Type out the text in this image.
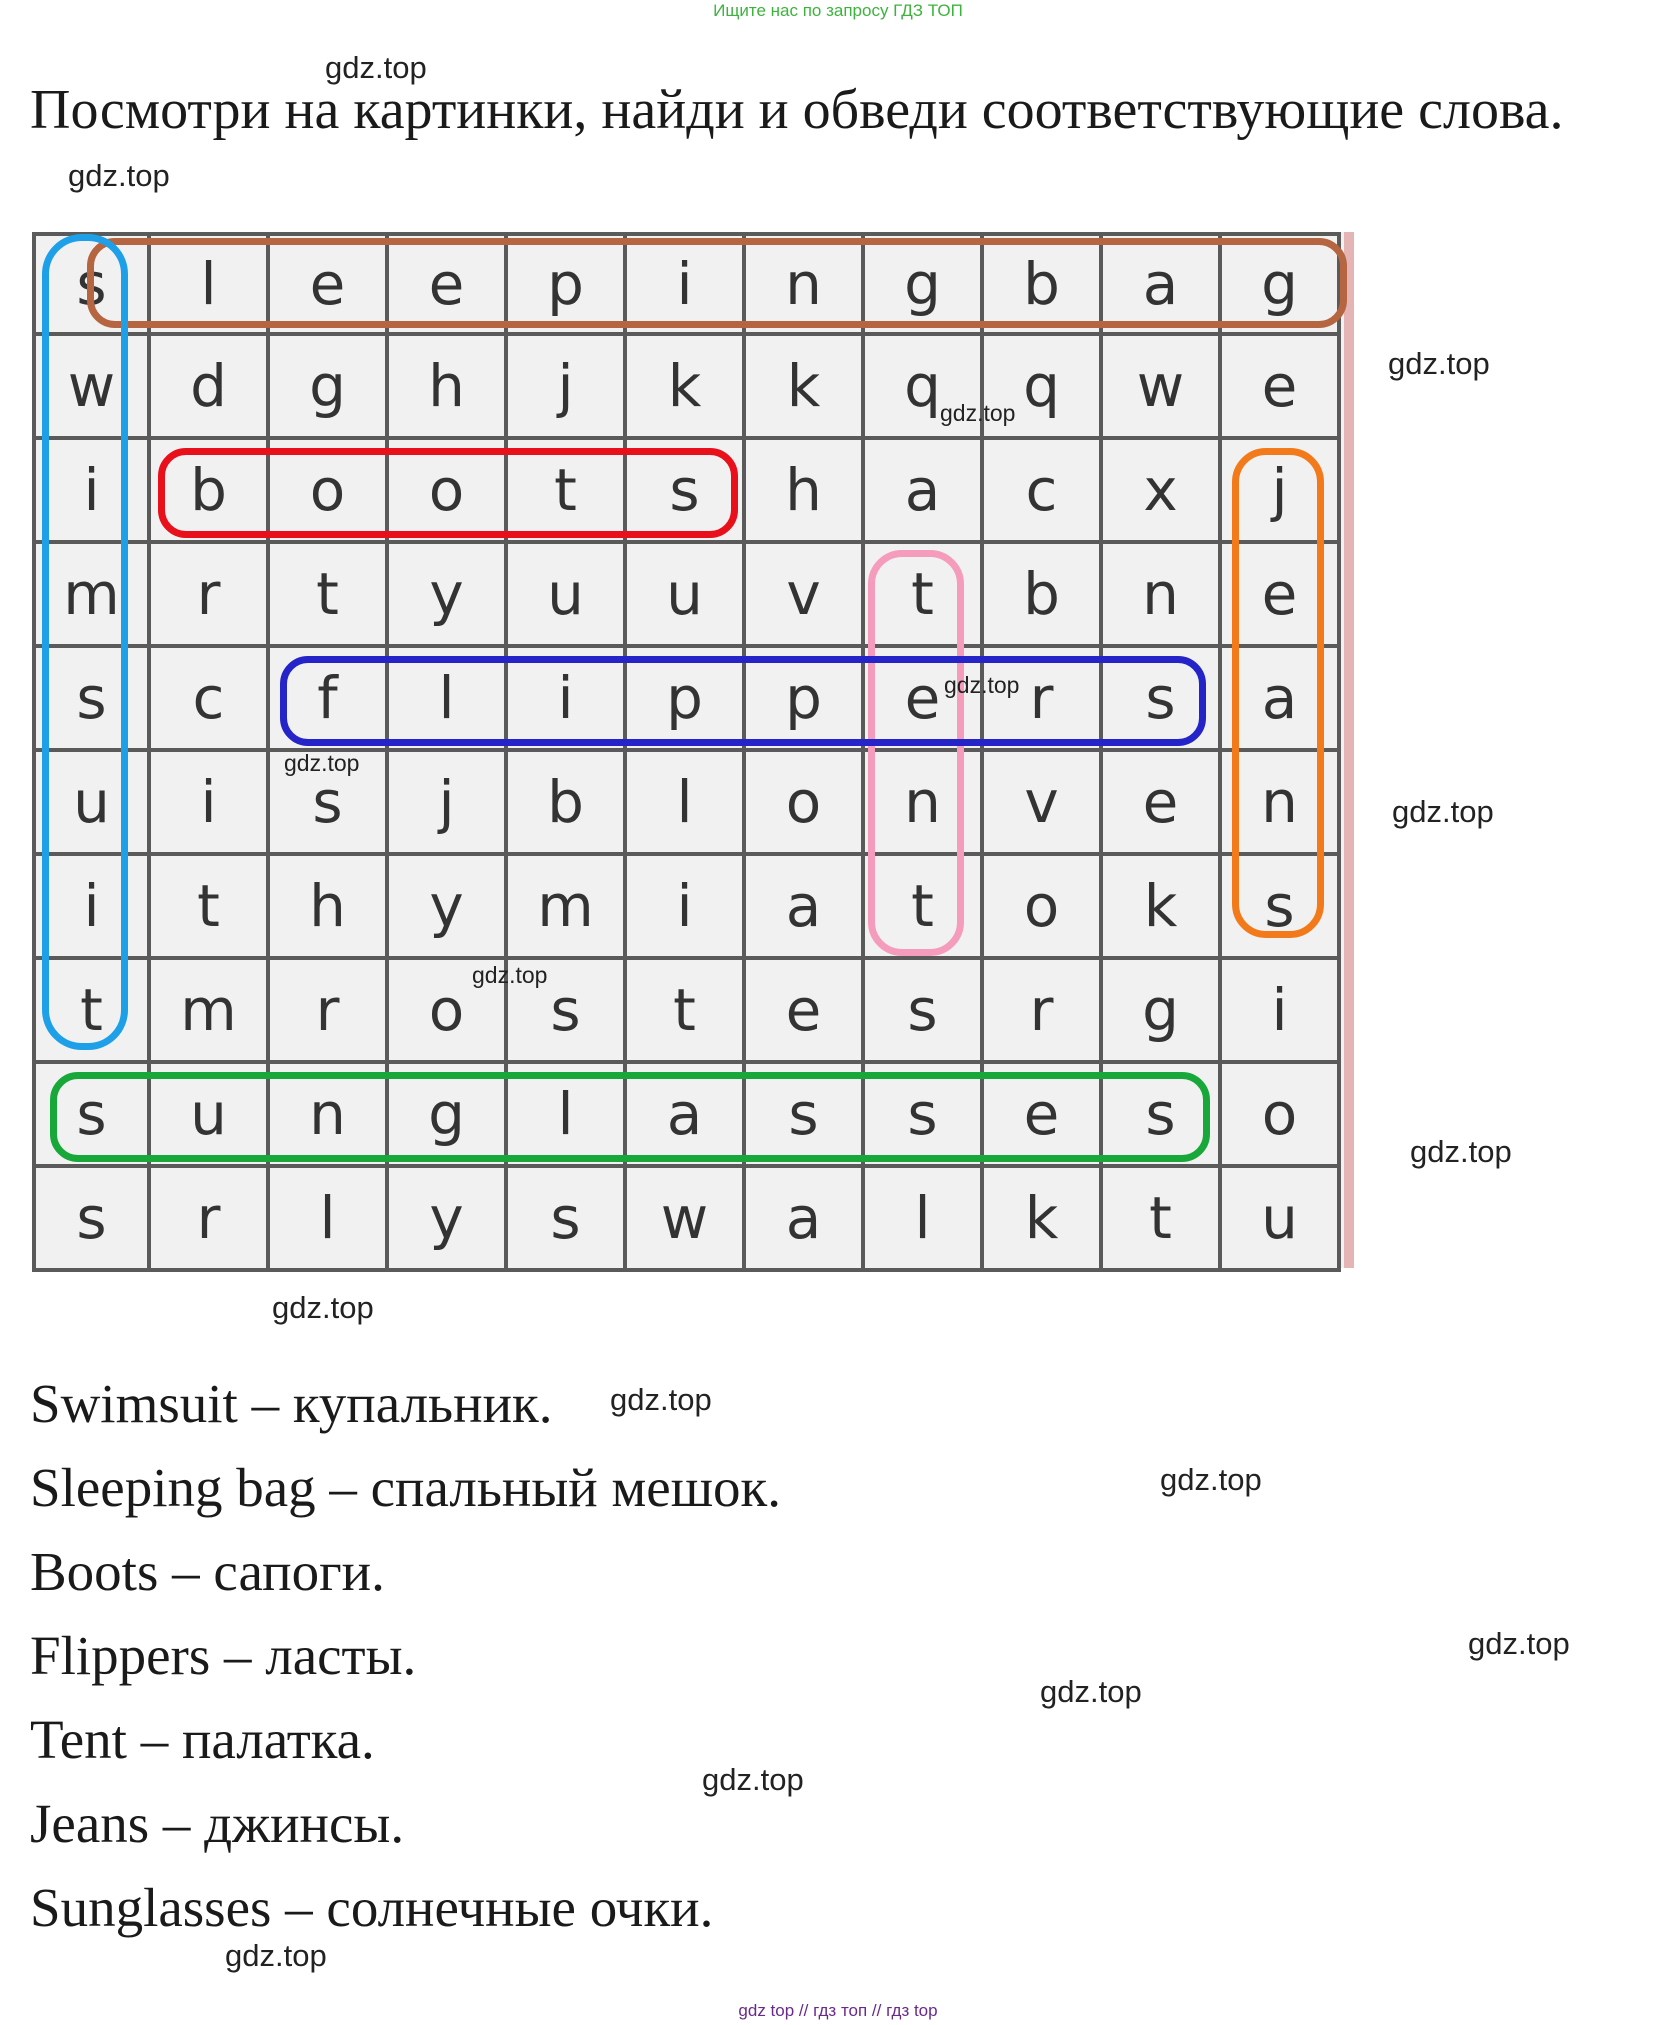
Ищите нас по запросу ГДЗ ТОП
gdz.top
Посмотри на картинки, найди и обведи соответствующие слова.
gdz.top
s	l	e	e	p	i	n	g	b	a	g
w	d	g	h	j	k	k	q	q	w	e
i	b	o	o	t	s	h	a	c	x	j
m	r	t	y	u	u	v	t	b	n	e
s	c	f	l	i	p	p	e	r	s	a
u	i	s	j	b	l	o	n	v	e	n
i	t	h	y	m	i	a	t	o	k	s
t	m	r	o	s	t	e	s	r	g	i
s	u	n	g	l	a	s	s	e	s	o
s	r	l	y	s	w	a	l	k	t	u
gdz.top
gdz.top
gdz.top
gdz.top
gdz.top
gdz.top
gdz.top
gdz.top
Swimsuit – купальник. gdz.top
Sleeping bag – спальный мешок.	gdz.top
Boots – сапоги.
gdz.top
Flippers – ласты.
gdz.top
Tent – палатка.
gdz.top
Jeans – джинсы.
Sunglasses – солнечные очки.
gdz.top
gdz top // гдз топ // гдз top
